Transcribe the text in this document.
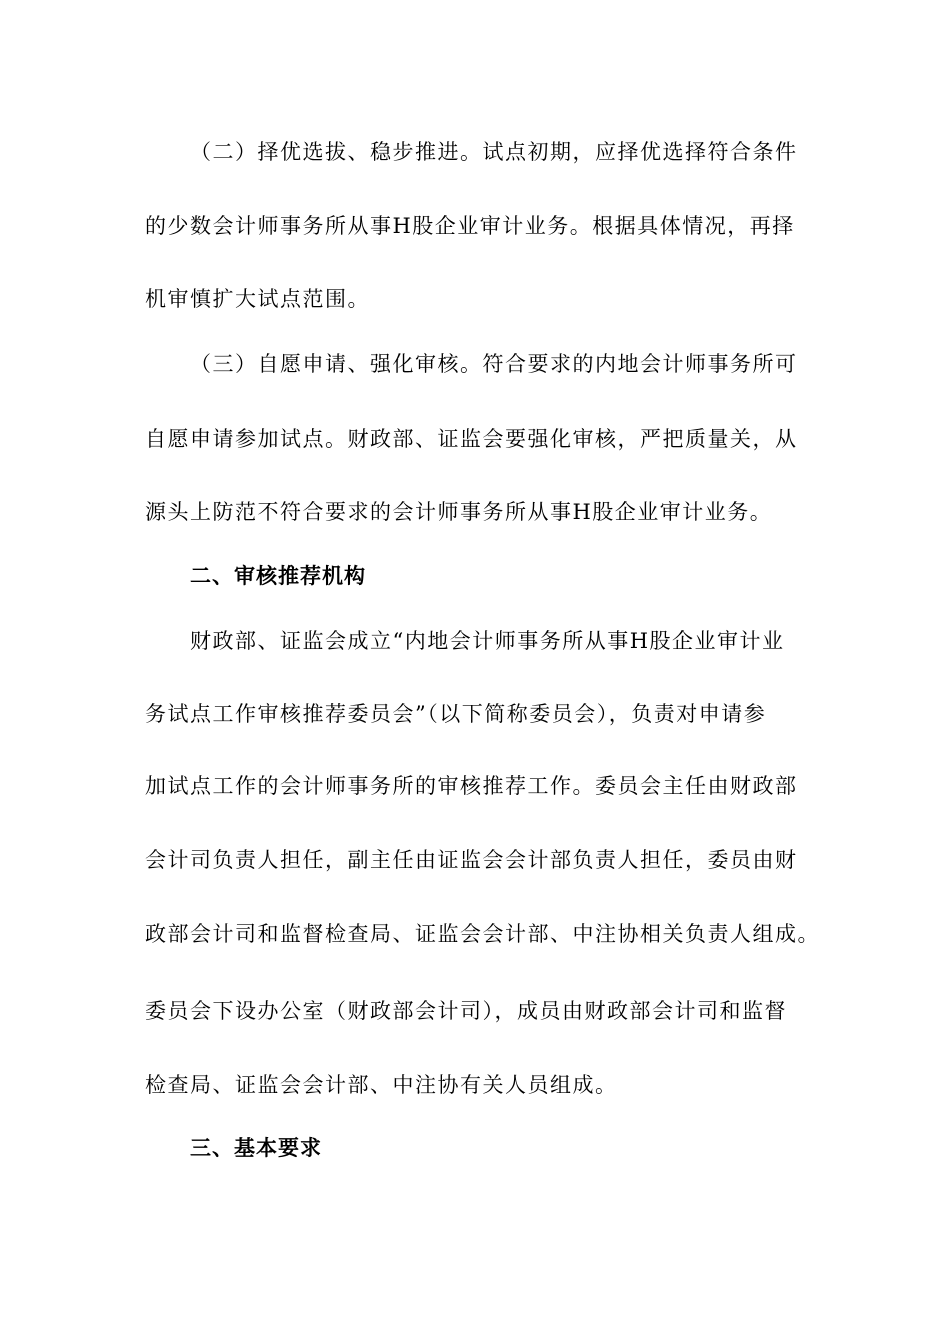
（二）择优选拔、稳步推进。试点初期，应择优选择符合条件
的少数会计师事务所从事H股企业审计业务。根据具体情况，再择
机审慎扩大试点范围。
（三）自愿申请、强化审核。符合要求的内地会计师事务所可
自愿申请参加试点。财政部、证监会要强化审核，严把质量关，从
源头上防范不符合要求的会计师事务所从事H股企业审计业务。
二、审核推荐机构
财政部、证监会成立“内地会计师事务所从事H股企业审计业
务试点工作审核推荐委员会”（以下简称委员会），负责对申请参
加试点工作的会计师事务所的审核推荐工作。委员会主任由财政部
会计司负责人担任，副主任由证监会会计部负责人担任，委员由财
政部会计司和监督检查局、证监会会计部、中注协相关负责人组成。
委员会下设办公室（财政部会计司），成员由财政部会计司和监督
检查局、证监会会计部、中注协有关人员组成。
三、基本要求
